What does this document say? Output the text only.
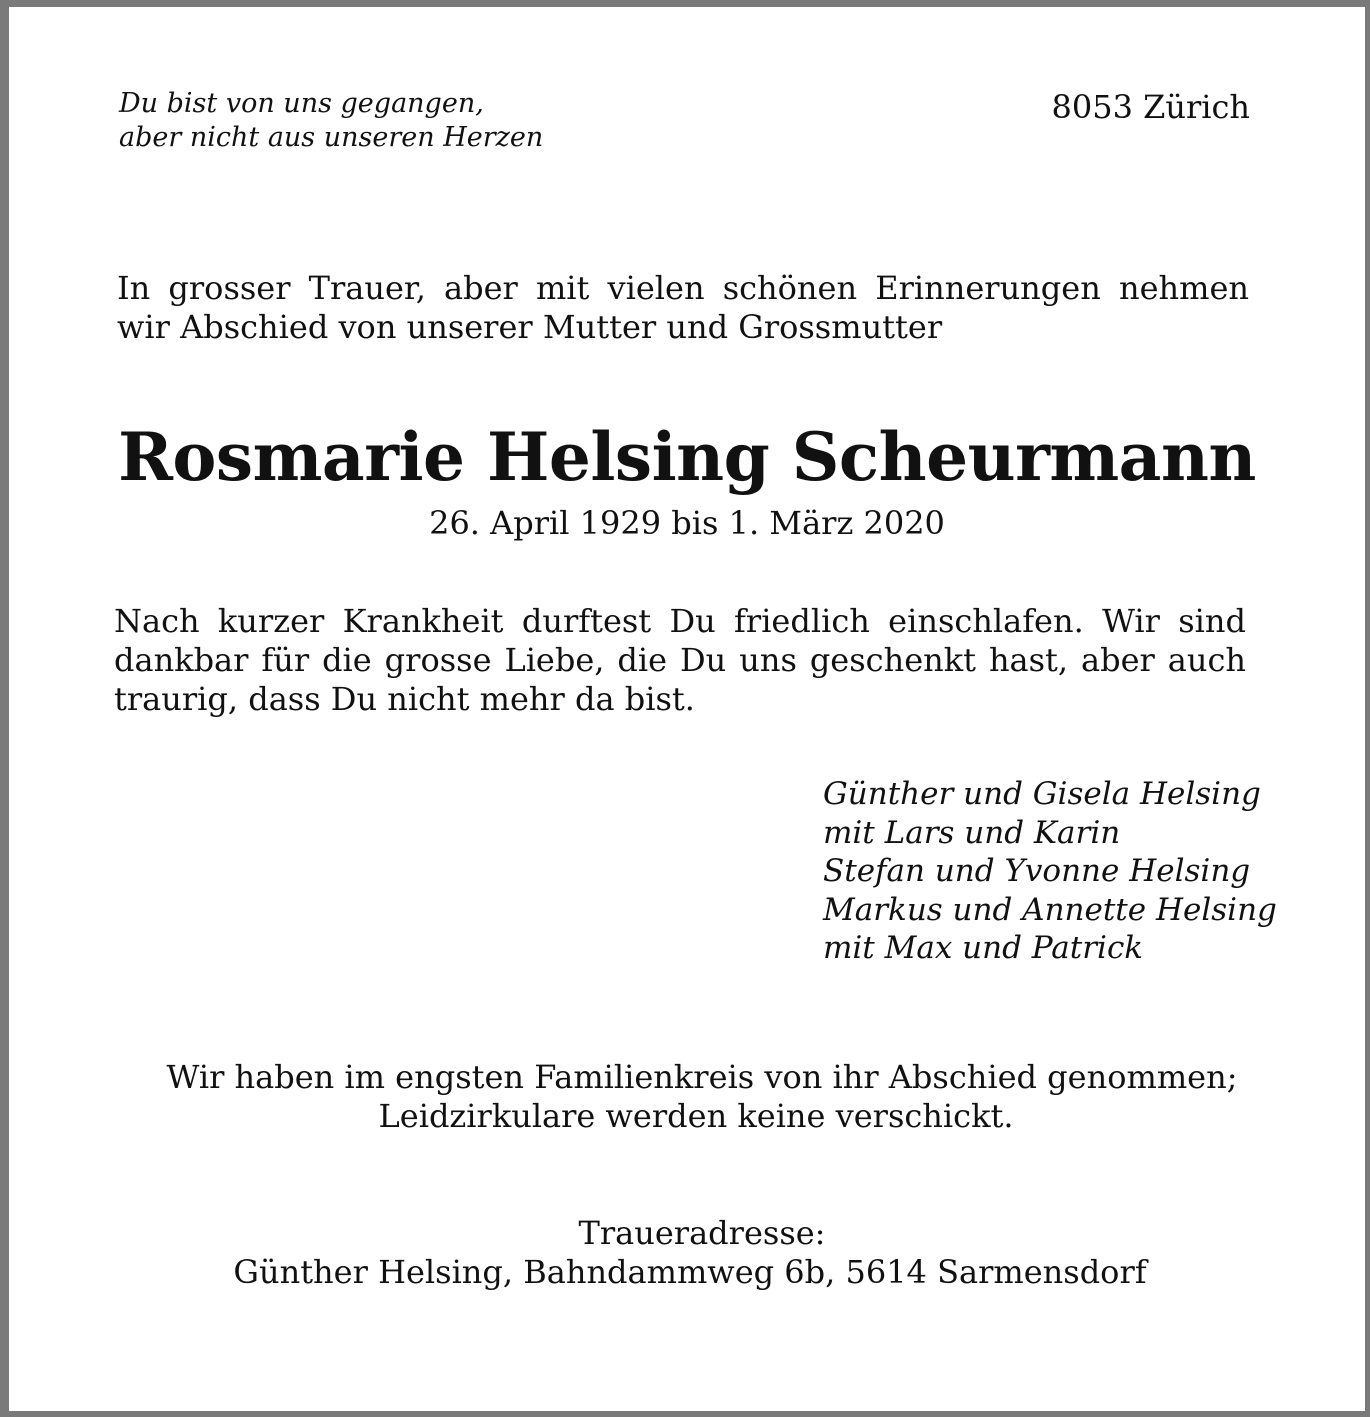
Du bist von uns gegangen,
aber nicht aus unseren Herzen

8053 Zürich

In grosser Trauer, aber mit vielen schönen Erinnerungen nehmen
wir Abschied von unserer Mutter und Grossmutter

Rosmarie Helsing Scheurmann

26. April 1929 bis 1. März 2020

Nach kurzer Krankheit durftest Du friedlich einschlafen. Wir sind
dankbar für die grosse Liebe, die Du uns geschenkt hast, aber auch
traurig, dass Du nicht mehr da bist.

Günther und Gisela Helsing
mit Lars und Karin
Stefan und Yvonne Helsing
Markus und Annette Helsing
mit Max und Patrick

Wir haben im engsten Familienkreis von ihr Abschied genommen;
Leidzirkulare werden keine verschickt.

Traueradresse:
Günther Helsing, Bahndammweg 6b, 5614 Sarmensdorf
